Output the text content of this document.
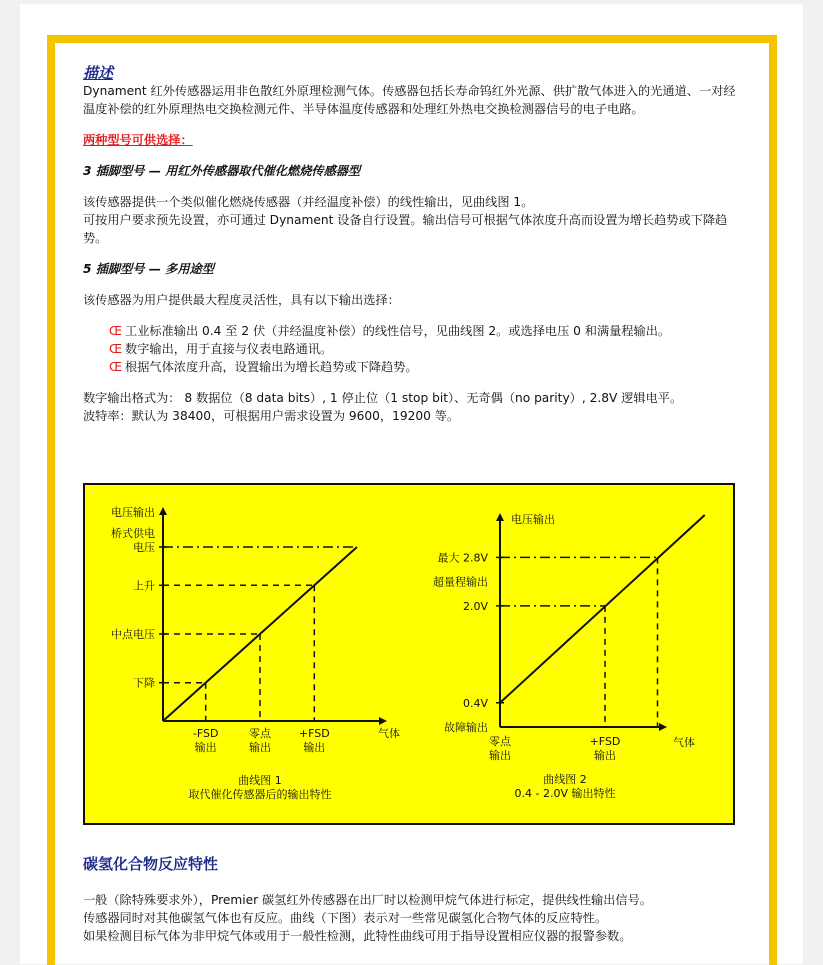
描述

Dynament 红外传感器运用非色散红外原理检测气体。传感器包括长寿命钨红外光源、供扩散气体进入的光通道、一对经温度补偿的红外原理热电交换检测元件、半导体温度传感器和处理红外热电交换检测器信号的电子电路。

两种型号可供选择：

3 插脚型号 — 用红外传感器取代催化燃烧传感器型

该传感器提供一个类似催化燃烧传感器（并经温度补偿）的线性输出，见曲线图 1。

可按用户要求预先设置，亦可通过 Dynament 设备自行设置。输出信号可根据气体浓度升高而设置为增长趋势或下降趋势。

5 插脚型号 — 多用途型

该传感器为用户提供最大程度灵活性，具有以下输出选择：

Œ 工业标准输出 0.4 至 2 伏（并经温度补偿）的线性信号，见曲线图 2。或选择电压 0 和满量程输出。
Œ 数字输出，用于直接与仪表电路通讯。
Œ 根据气体浓度升高，设置输出为增长趋势或下降趋势。

数字输出格式为： 8 数据位（8 data bits）, 1 停止位（1 stop bit）、无奇偶（no parity）, 2.8V 逻辑电平。

波特率：默认为 38400，可根据用户需求设置为 9600，19200 等。

电压输出
气体
桥式供电
电压
上升
中点电压
下降
-FSD
输出
零点
输出
+FSD
输出
曲线图 1
取代催化传感器后的输出特性
电压输出
气体
最大 2.8V
超量程输出
2.0V
0.4V
故障输出
零点
输出
+FSD
输出
曲线图 2
0.4 - 2.0V 输出特性

碳氢化合物反应特性

一般（除特殊要求外），Premier 碳氢红外传感器在出厂时以检测甲烷气体进行标定，提供线性输出信号。

传感器同时对其他碳氢气体也有反应。曲线（下图）表示对一些常见碳氢化合物气体的反应特性。

如果检测目标气体为非甲烷气体或用于一般性检测，此特性曲线可用于指导设置相应仪器的报警参数。
